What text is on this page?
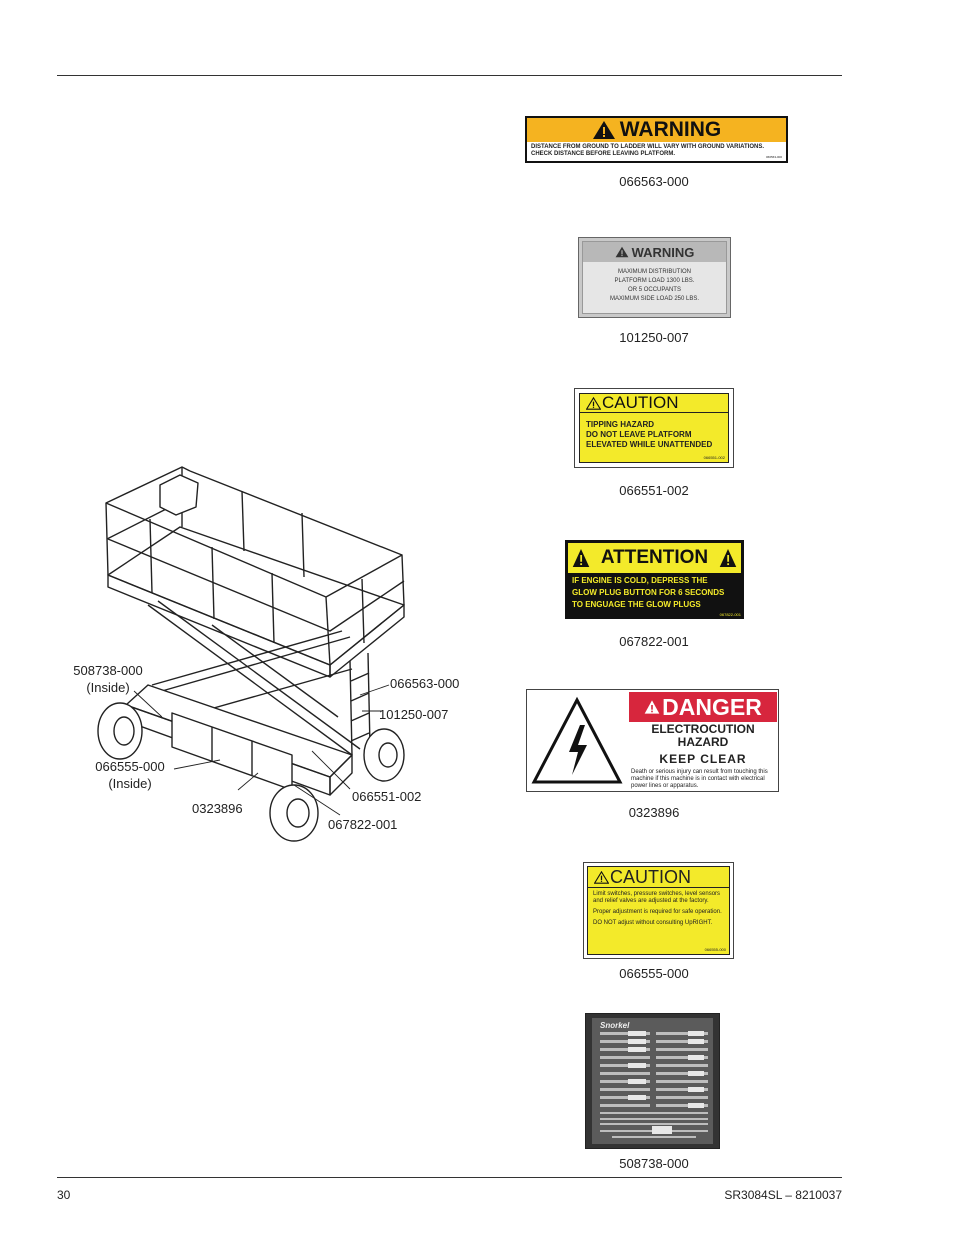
WARNING
DISTANCE FROM GROUND TO LADDER WILL VARY WITH GROUND VARIATIONS.
CHECK DISTANCE BEFORE LEAVING PLATFORM.	066563-000
066563-000
WARNING
MAXIMUM DISTRIBUTION
PLATFORM LOAD 1300 LBS.
OR 5 OCCUPANTS
MAXIMUM SIDE LOAD 250 LBS.
101250-007
CAUTION
TIPPING HAZARD
DO NOT LEAVE PLATFORM
ELEVATED WHILE UNATTENDED
066551-002
066551-002
ATTENTION
IF ENGINE IS COLD, DEPRESS THE
GLOW PLUG BUTTON FOR 6 SECONDS
TO ENGUAGE THE GLOW PLUGS
067822-001
067822-001
DANGER
ELECTROCUTION
HAZARD
KEEP CLEAR
Death or serious injury can result from touching this machine if this machine is in contact with electrical power lines or apparatus.
0323896
CAUTION

Limit switches, pressure switches, level sensors and relief valves are adjusted at the factory.

Proper adjustment is required for safe operation.

DO NOT adjust without consulting UpRIGHT.

066555-000
066555-000
Snorkel
508738-000
508738-000
(Inside)	066563-000
101250-007
066555-000
(Inside)
0323896
066551-002
067822-001
30	SR3084SL – 8210037
